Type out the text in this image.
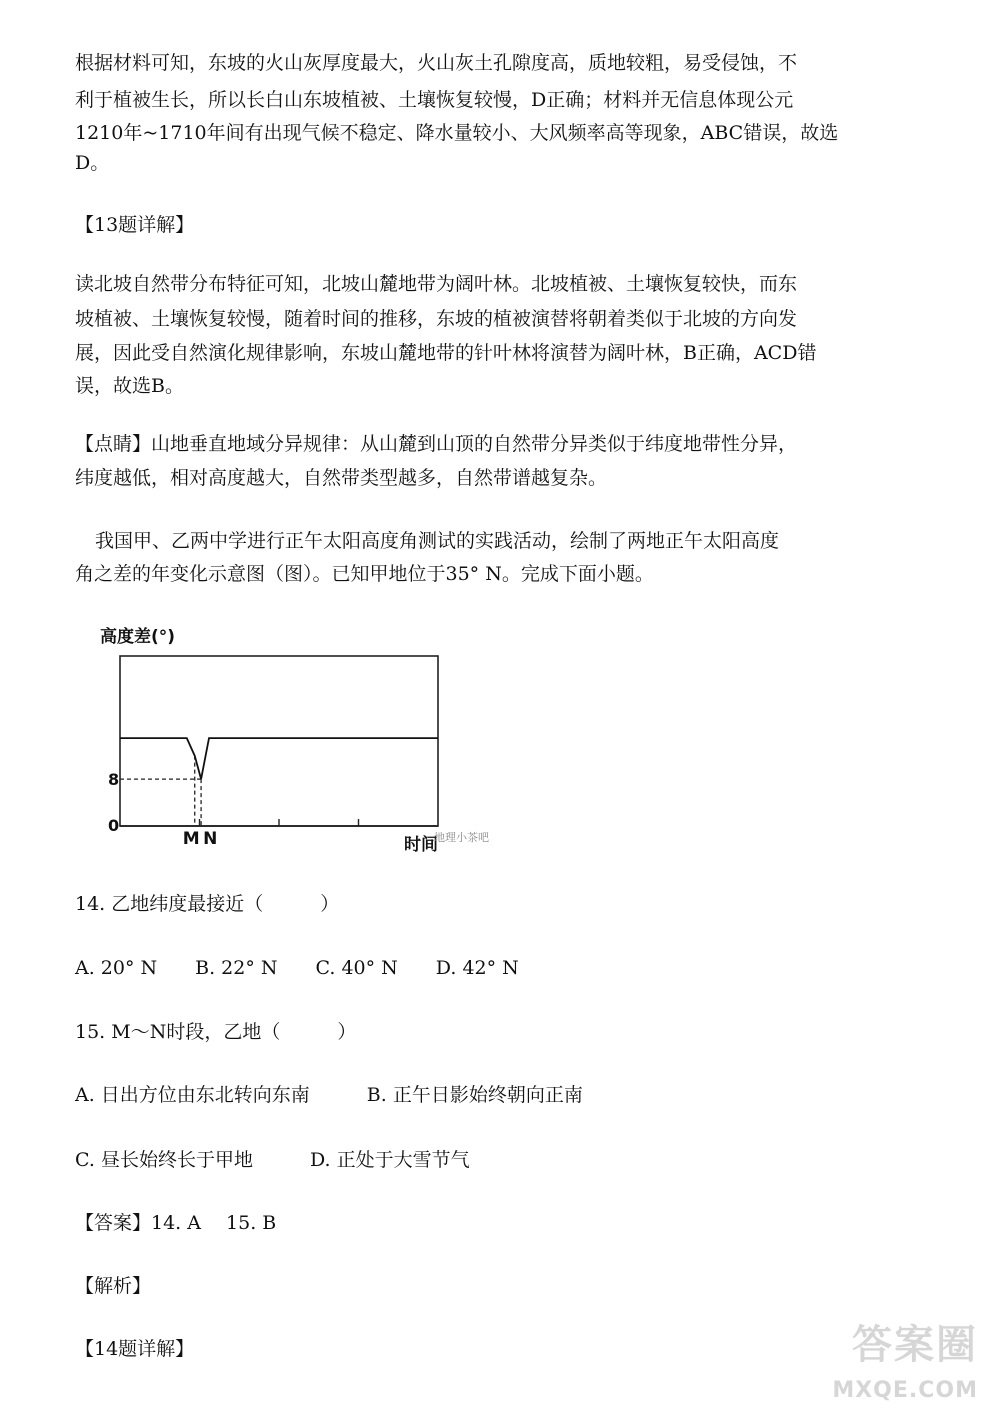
根据材料可知，东坡的火山灰厚度最大，火山灰土孔隙度高，质地较粗，易受侵蚀，不
利于植被生长，所以长白山东坡植被、土壤恢复较慢，D正确；材料并无信息体现公元
1210年~1710年间有出现气候不稳定、降水量较小、大风频率高等现象，ABC错误，故选
D。
【13题详解】
读北坡自然带分布特征可知，北坡山麓地带为阔叶林。北坡植被、土壤恢复较快，而东
坡植被、土壤恢复较慢，随着时间的推移，东坡的植被演替将朝着类似于北坡的方向发
展，因此受自然演化规律影响，东坡山麓地带的针叶林将演替为阔叶林，B正确，ACD错
误，故选B。
【点睛】山地垂直地域分异规律：从山麓到山顶的自然带分异类似于纬度地带性分异，
纬度越低，相对高度越大，自然带类型越多，自然带谱越复杂。
我国甲、乙两中学进行正午太阳高度角测试的实践活动，绘制了两地正午太阳高度
角之差的年变化示意图（图）。已知甲地位于35° N。完成下面小题。
高度差(°)
0
8
M N	时间
地理小茶吧
14. 乙地纬度最接近（　　　）
A. 20° N　　B. 22° N　　C. 40° N　　D. 42° N
15. M～N时段，乙地（　　　）
A. 日出方位由东北转向东南　　　B. 正午日影始终朝向正南
C. 昼长始终长于甲地　　　D. 正处于大雪节气
【答案】14. A　 15. B
【解析】
【14题详解】	答案圈
MXQE.COM
